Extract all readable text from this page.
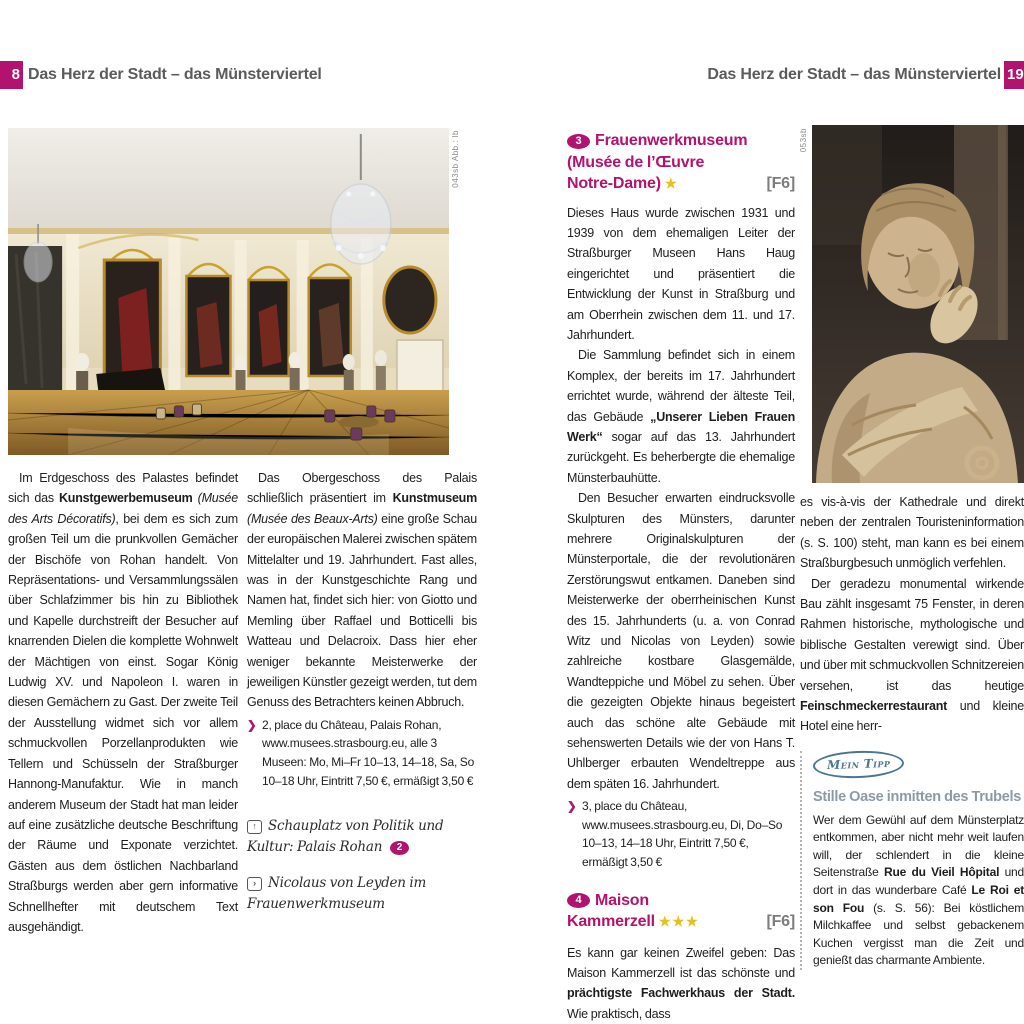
8 Das Herz der Stadt – das Münsterviertel	Das Herz der Stadt – das Münsterviertel 19
043sb Abb.: lb	053sb

Im Erdgeschoss des Palastes befindet sich das Kunstgewerbemuseum (Musée des Arts Décoratifs), bei dem es sich zum großen Teil um die prunkvollen Gemächer der Bischöfe von Rohan handelt. Von Repräsentations- und Versammlungssälen über Schlafzimmer bis hin zu Bibliothek und Kapelle durchstreift der Besucher auf knarrenden Dielen die komplette Wohnwelt der Mächtigen von einst. Sogar König Ludwig XV. und Napoleon I. waren in diesen Gemächern zu Gast. Der zweite Teil der Ausstellung widmet sich vor allem schmuckvollen Porzellanprodukten wie Tellern und Schüsseln der Straßburger Hannong-Manufaktur. Wie in manch anderem Museum der Stadt hat man leider auf eine zusätzliche deutsche Beschriftung der Räume und Exponate verzichtet. Gästen aus dem östlichen Nachbarland Straßburgs werden aber gern informative Schnellhefter mit deutschem Text ausgehändigt.

Das Obergeschoss des Palais schließlich präsentiert im Kunstmuseum (Musée des Beaux-Arts) eine große Schau der europäischen Malerei zwischen spätem Mittelalter und 19. Jahrhundert. Fast alles, was in der Kunstgeschichte Rang und Namen hat, findet sich hier: von Giotto und Memling über Raffael und Botticelli bis Watteau und Delacroix. Dass hier eher weniger bekannte Meisterwerke der jeweiligen Künstler gezeigt werden, tut dem Genuss des Betrachters keinen Abbruch.

❯ 2, place du Château, Palais Rohan, www.musees.strasbourg.eu, alle 3 Museen: Mo, Mi–Fr 10–13, 14–18, Sa, So 10–18 Uhr, Eintritt 7,50 €, ermäßigt 3,50 €
↑ Schauplatz von Politik und Kultur: Palais Rohan 2
› Nicolaus von Leyden im Frauenwerkmuseum
3 Frauenwerkmuseum
(Musée de l’Œuvre
Notre-Dame) ★	[F6]

Dieses Haus wurde zwischen 1931 und 1939 von dem ehemaligen Leiter der Straßburger Museen Hans Haug eingerichtet und präsentiert die Entwicklung der Kunst in Straßburg und am Oberrhein zwischen dem 11. und 17. Jahrhundert.

Die Sammlung befindet sich in einem Komplex, der bereits im 17. Jahrhundert errichtet wurde, während der älteste Teil, das Gebäude „Unserer Lieben Frauen Werk“ sogar auf das 13. Jahrhundert zurückgeht. Es beherbergte die ehemalige Münsterbauhütte.

Den Besucher erwarten eindrucksvolle Skulpturen des Münsters, darunter mehrere Originalskulpturen der Münsterportale, die der revolutionären Zerstörungswut entkamen. Daneben sind Meisterwerke der oberrheinischen Kunst des 15. Jahrhunderts (u. a. von Conrad Witz und Nicolas von Leyden) sowie zahlreiche kostbare Glasgemälde, Wandteppiche und Möbel zu sehen. Über die gezeigten Objekte hinaus begeistert auch das schöne alte Gebäude mit sehenswerten Details wie der von Hans T. Uhlberger erbauten Wendeltreppe aus dem späten 16. Jahrhundert.

❯ 3, place du Château, www.musees.strasbourg.eu, Di, Do–So 10–13, 14–18 Uhr, Eintritt 7,50 €, ermäßigt 3,50 €
4 Maison
Kammerzell ★★★	[F6]

Es kann gar keinen Zweifel geben: Das Maison Kammerzell ist das schönste und prächtigste Fachwerkhaus der Stadt. Wie praktisch, dass

es vis-à-vis der Kathedrale und direkt neben der zentralen Touristeninformation (s. S. 100) steht, man kann es bei einem Straßburgbesuch unmöglich verfehlen.

Der geradezu monumental wirkende Bau zählt insgesamt 75 Fenster, in deren Rahmen historische, mythologische und biblische Gestalten verewigt sind. Über und über mit schmuckvollen Schnitzereien versehen, ist das heutige Feinschmeckerrestaurant und kleine Hotel eine herr-

Mein Tipp
Stille Oase inmitten des Trubels
Wer dem Gewühl auf dem Münsterplatz entkommen, aber nicht mehr weit laufen will, der schlendert in die kleine Seitenstraße Rue du Vieil Hôpital und dort in das wunderbare Café Le Roi et son Fou (s. S. 56): Bei köstlichem Milchkaffee und selbst gebackenem Kuchen vergisst man die Zeit und genießt das charmante Ambiente.
